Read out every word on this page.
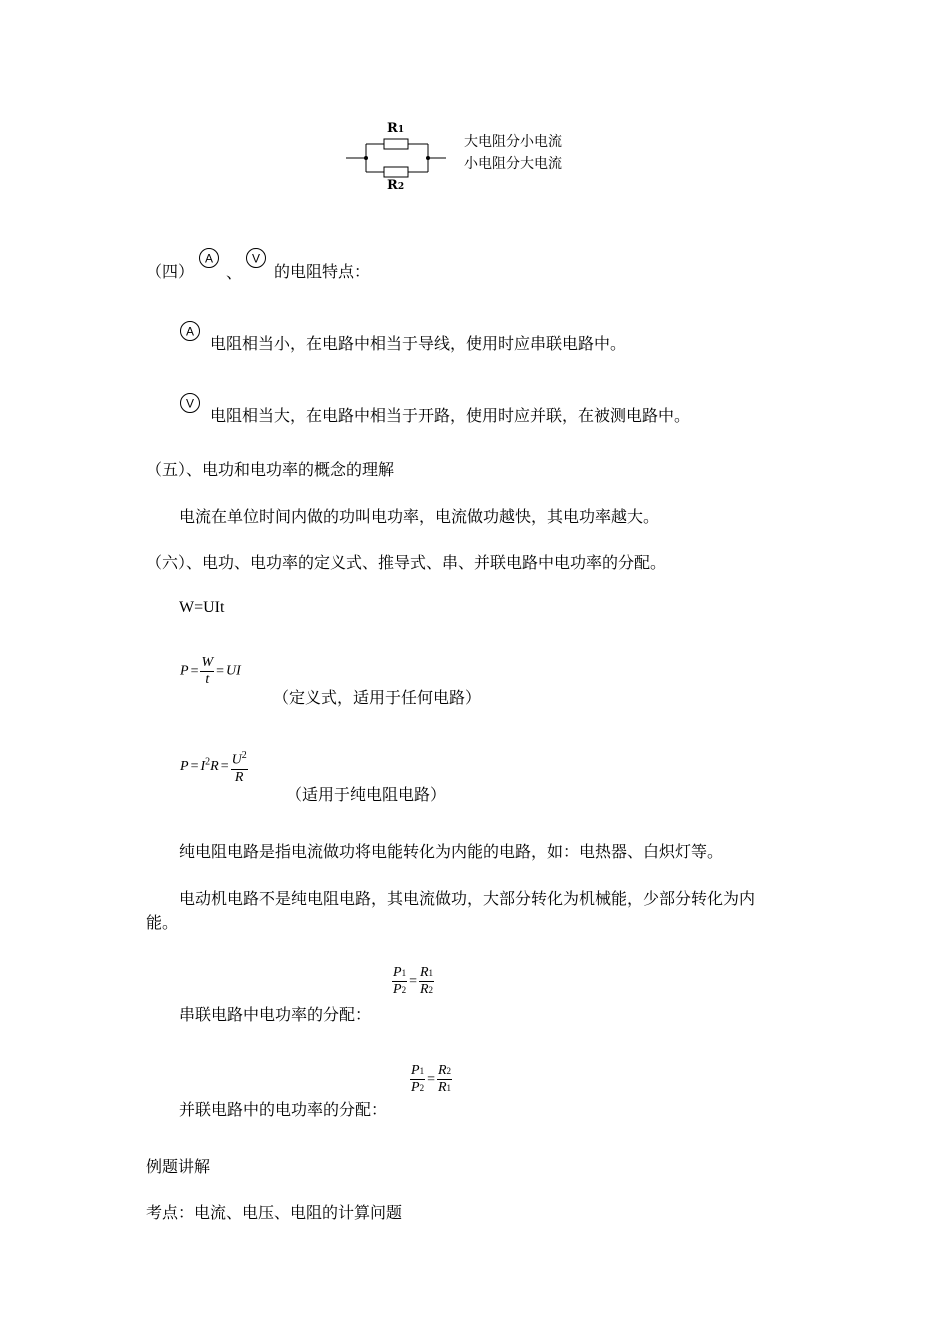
R1
R2
大电阻分小电流
小电阻分大电流
（四）
A
、
V
的电阻特点：
A
电阻相当小，在电路中相当于导线，使用时应串联电路中。
V
电阻相当大，在电路中相当于开路，使用时应并联，在被测电路中。
（五）、电功和电功率的概念的理解
电流在单位时间内做的功叫电功率，电流做功越快，其电功率越大。
（六）、电功、电功率的定义式、推导式、串、并联电路中电功率的分配。
W=UIt
$P = \frac{W}{t}$ = UI
（定义式，适用于任何电路）
$P = I^2R = \frac{U^2}{R}$
（适用于纯电阻电路）
纯电阻电路是指电流做功将电能转化为内能的电路，如：电热器、白炽灯等。
电动机电路不是纯电阻电路，其电流做功，大部分转化为机械能，少部分转化为内
能。
$\frac{P1}{P2} = \frac{R1}{R2}$
串联电路中电功率的分配：
$\frac{P1}{P2} = \frac{R2}{R1}$
并联电路中的电功率的分配：
例题讲解
考点：电流、电压、电阻的计算问题
